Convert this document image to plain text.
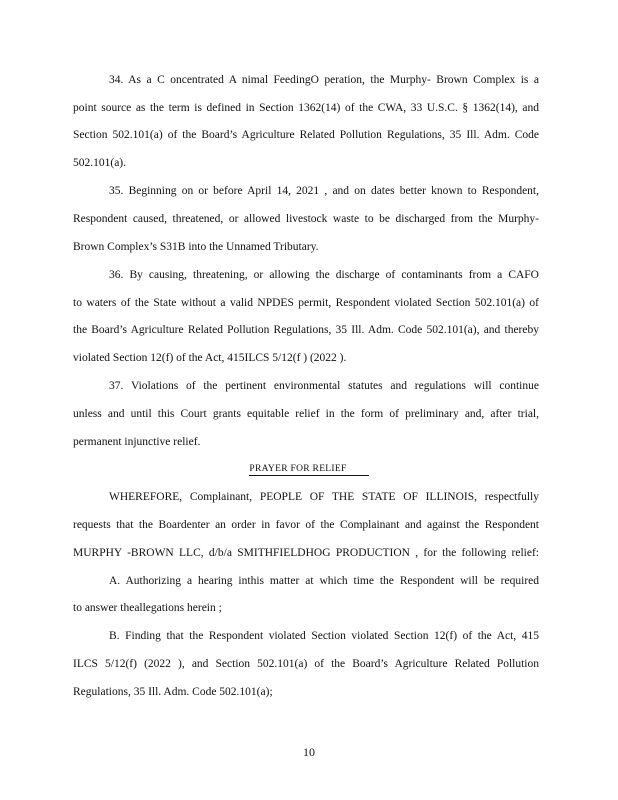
34. As a C oncentrated A nimal FeedingO peration, the Murphy- Brown Complex is a
point source as the term is defined in Section 1362(14) of the CWA, 33 U.S.C. § 1362(14), and
Section 502.101(a) of the Board’s Agriculture Related Pollution Regulations, 35 Ill. Adm. Code
502.101(a).
35. Beginning on or before April 14, 2021 , and on dates better known to Respondent,
Respondent caused, threatened, or allowed livestock waste to be discharged from the Murphy-
Brown Complex’s S31B into the Unnamed Tributary.
36. By causing, threatening, or allowing the discharge of contaminants from a CAFO
to waters of the State without a valid NPDES permit, Respondent violated Section 502.101(a) of
the Board’s Agriculture Related Pollution Regulations, 35 Ill. Adm. Code 502.101(a), and thereby
violated Section 12(f) of the Act, 415ILCS 5/12(f ) (2022 ).
37. Violations of the pertinent environmental statutes and regulations will continue
unless and until this Court grants equitable relief in the form of preliminary and, after trial,
permanent injunctive relief.
PRAYER FOR RELIEF
WHEREFORE, Complainant, PEOPLE OF THE STATE OF ILLINOIS, respectfully
requests that the Boardenter an order in favor of the Complainant and against the Respondent
MURPHY -BROWN LLC, d/b/a SMITHFIELDHOG PRODUCTION , for the following relief:
A. Authorizing a hearing inthis matter at which time the Respondent will be required
to answer theallegations herein ;
B. Finding that the Respondent violated Section violated Section 12(f) of the Act, 415
ILCS 5/12(f) (2022 ), and Section 502.101(a) of the Board’s Agriculture Related Pollution
Regulations, 35 Ill. Adm. Code 502.101(a);
10
